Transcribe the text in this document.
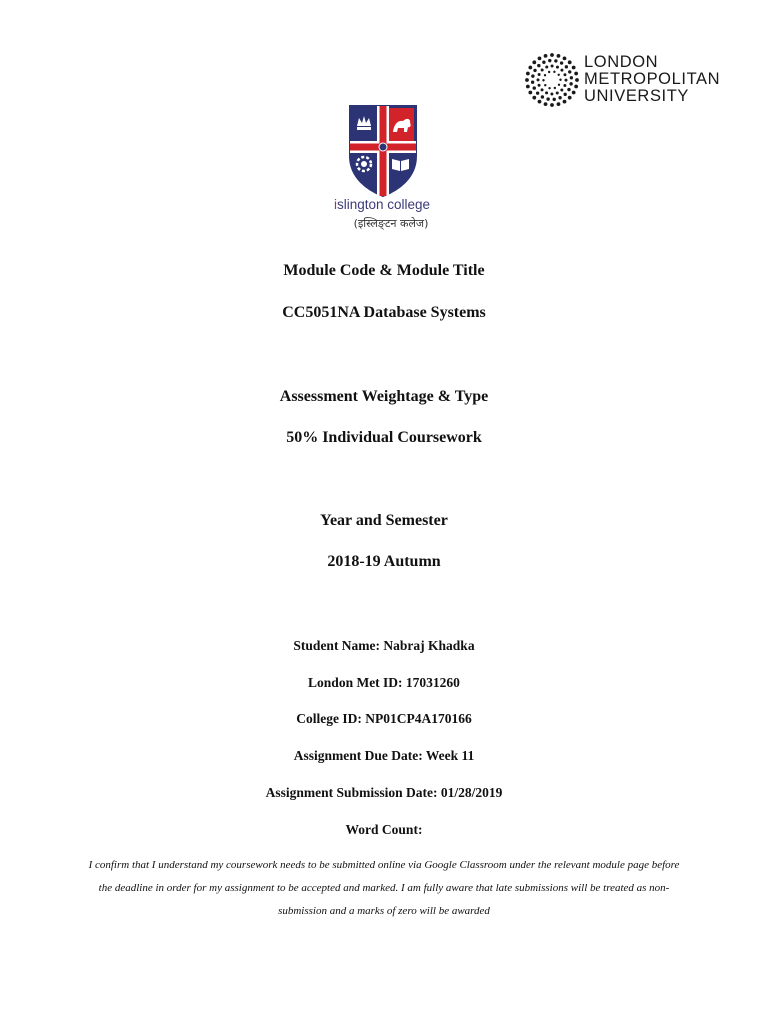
LONDON
METROPOLITAN
UNIVERSITY
islington college
(इस्लिङ्टन कलेज)
Module Code & Module Title
CC5051NA Database Systems
Assessment Weightage & Type
50% Individual Coursework
Year and Semester
2018-19 Autumn
Student Name: Nabraj Khadka
London Met ID: 17031260
College ID: NP01CP4A170166
Assignment Due Date: Week 11
Assignment Submission Date: 01/28/2019
Word Count:
I confirm that I understand my coursework needs to be submitted online via Google Classroom under the relevant module page before the deadline in order for my assignment to be accepted and marked. I am fully aware that late submissions will be treated as non-submission and a marks of zero will be awarded
